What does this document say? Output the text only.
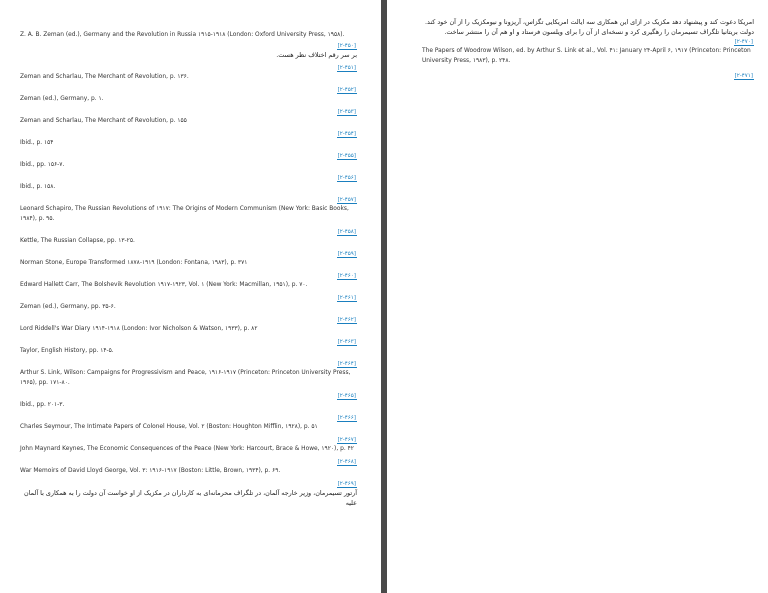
Z. A. B. Zeman (ed.), Germany and the Revolution in Russia ۱۹۱۵-۱۹۱۸ (London: Oxford University Press, ۱۹۵۸).
[۲-۴۵۰]
بر سر رقم اختلاف نظر هست.
[۲-۴۵۱]
Zeman and Scharlau, The Merchant of Revolution, p. ۱۳۶.
[۲-۴۵۲]
Zeman (ed.), Germany, p. ۱.
[۲-۴۵۳]
Zeman and Scharlau, The Merchant of Revolution, p. ۱۵۵
[۲-۴۵۴]
Ibid., p. ۱۵۴
[۲-۴۵۵]
Ibid., pp. ۱۵۶-۷.
[۲-۴۵۶]
Ibid., p. ۱۵۸.
[۲-۴۵۷]
Leonard Schapiro, The Russian Revolutions of ۱۹۱۷: The Origins of Modern Communism (New York: Basic Books, ۱۹۸۴), p. ۹۵.
[۲-۴۵۸]
Kettle, The Russian Collapse, pp. ۱۳-۲۵.
[۲-۴۵۹]
Norman Stone, Europe Transformed ۱۸۷۸-۱۹۱۹ (London: Fontana, ۱۹۸۳), p. ۳۷۱
[۲-۴۶۰]
Edward Hallett Carr, The Bolshevik Revolution ۱۹۱۷-۱۹۲۳, Vol. ۱ (New York: Macmillan, ۱۹۵۱), p. ۷۰.
[۲-۴۶۱]
Zeman (ed.), Germany, pp. ۳۵-۶.
[۲-۴۶۲]
Lord Riddell's War Diary ۱۹۱۴-۱۹۱۸ (London: Ivor Nicholson & Watson, ۱۹۳۳), p. ۸۲
[۲-۴۶۳]
Taylor, English History, pp. ۱۴-۵.
[۲-۴۶۴]
Arthur S. Link, Wilson: Campaigns for Progressivism and Peace, ۱۹۱۶-۱۹۱۷ (Princeton: Princeton University Press, ۱۹۶۵), pp. ۱۷۱-۸۰.
[۲-۴۶۵]
Ibid., pp. ۲۰۱-۳.
[۲-۴۶۶]
Charles Seymour, The Intimate Papers of Colonel House, Vol. ۲ (Boston: Houghton Mifflin, ۱۹۲۸), p. ۵۱
[۲-۴۶۷]
John Maynard Keynes, The Economic Consequences of the Peace (New York: Harcourt, Brace & Howe, ۱۹۲۰), p. ۴۲
[۲-۴۶۸]
War Memoirs of David Lloyd George, Vol. ۳: ۱۹۱۶-۱۹۱۷ (Boston: Little, Brown, ۱۹۳۴), p. ۶۹.
[۲-۴۶۹]
آرتور تسیمرمان، وزیر خارجه آلمان، در تلگراف محرمانه‌ای به کارداران در مکزیک از او خواست آن دولت را به همکاری با آلمان علیه
امریکا دعوت کند و پیشنهاد دهد مکزیک در ازای این همکاری سه ایالت امریکایی تگزاس، آریزونا و نیومکزیک را از آن خود کند. دولت بریتانیا تلگراف تسیمرمان را رهگیری کرد و نسخه‌ای از آن را برای ویلسون فرستاد و او هم آن را منتشر ساخت.
[۲-۴۷۰]
The Papers of Woodrow Wilson, ed. by Arthur S. Link et al., Vol. ۴۱: January ۲۴-April ۶, ۱۹۱۷ (Princeton: Princeton University Press, ۱۹۸۳), p. ۲۴۸.
[۲-۴۷۱]
